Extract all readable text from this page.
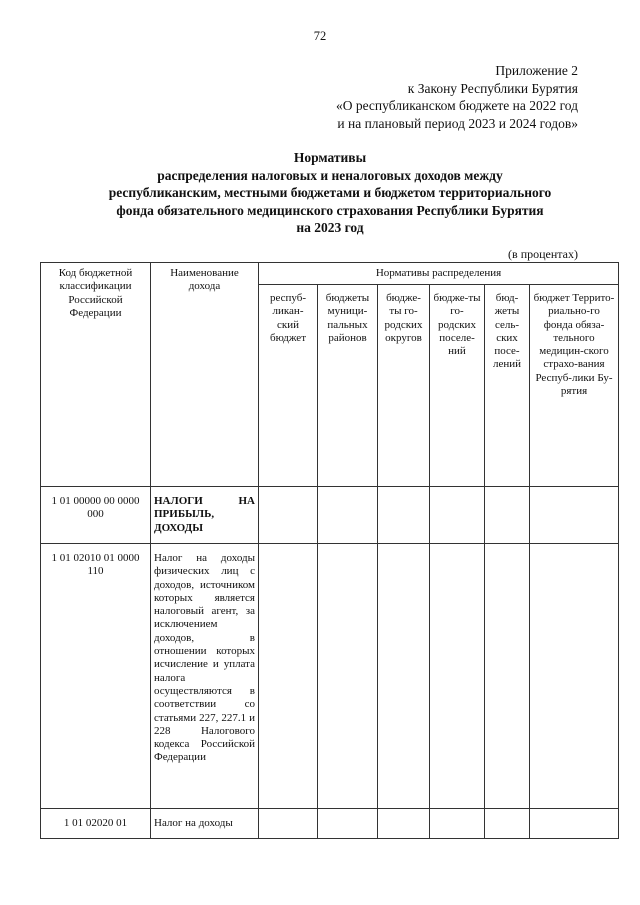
72
Приложение 2
к Закону Республики Бурятия
«О республиканском бюджете на 2022 год
и на плановый период 2023 и 2024 годов»
Нормативы
распределения налоговых и неналоговых доходов между
республиканским, местными бюджетами и бюджетом территориального
фонда обязательного медицинского страхования Республики Бурятия
на 2023 год
(в процентах)
Код бюджетной классификации Российской Федерации	Наименование дохода	Нормативы распределения					
		респуб-ликан-ский бюджет	бюджеты муници-пальных районов	бюдже-ты го-родских округов	бюдже-ты го-родских поселе-ний	бюд-жеты сель-ских посе-лений	бюджет Террито-риально-го фонда обяза-тельного медицин-ского страхо-вания Респуб-лики Бу-рятия
1 01 00000 00 0000 000	НАЛОГИ НА ПРИБЫЛЬ, ДОХОДЫ						
1 01 02010 01 0000 110	Налог на доходы физических лиц с доходов, источником которых является налоговый агент, за исключением доходов, в отношении которых исчисление и уплата налога осуществляются в соответствии со статьями 227, 227.1 и 228 Налогового кодекса Российской Федерации						
1 01 02020 01	Налог на доходы						
